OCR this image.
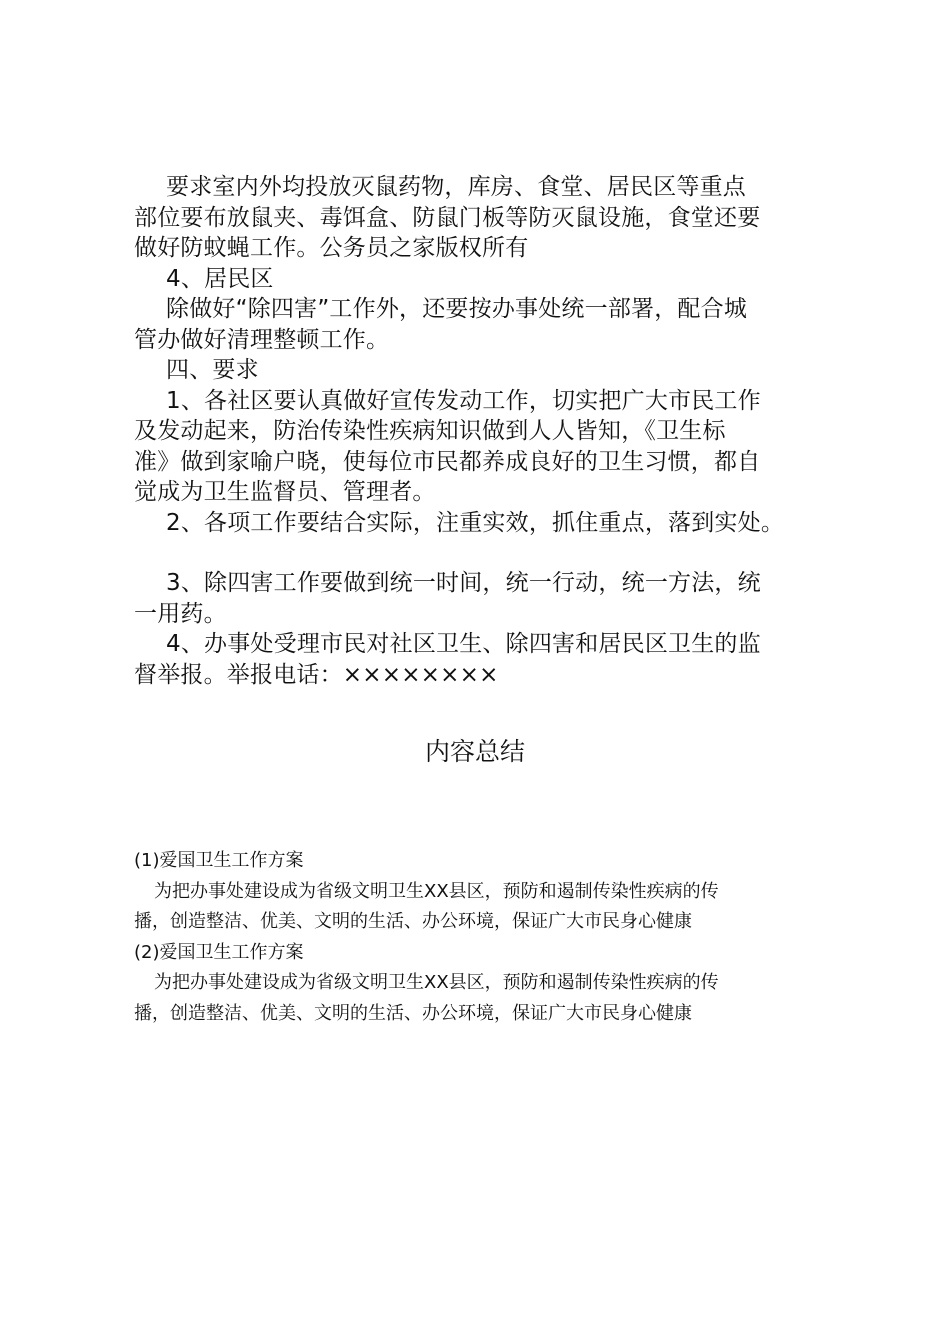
要求室内外均投放灭鼠药物，库房、食堂、居民区等重点

部位要布放鼠夹、毒饵盒、防鼠门板等防灭鼠设施，食堂还要

做好防蚊蝇工作。公务员之家版权所有

4、居民区

除做好“除四害”工作外，还要按办事处统一部署，配合城

管办做好清理整顿工作。

四、要求

1、各社区要认真做好宣传发动工作，切实把广大市民工作

及发动起来，防治传染性疾病知识做到人人皆知，《卫生标

准》做到家喻户晓，使每位市民都养成良好的卫生习惯，都自

觉成为卫生监督员、管理者。

2、各项工作要结合实际，注重实效，抓住重点，落到实处。

3、除四害工作要做到统一时间，统一行动，统一方法，统

一用药。

4、办事处受理市民对社区卫生、除四害和居民区卫生的监

督举报。举报电话：××××××××

内容总结

(1)爱国卫生工作方案

为把办事处建设成为省级文明卫生XX县区，预防和遏制传染性疾病的传

播，创造整洁、优美、文明的生活、办公环境，保证广大市民身心健康

(2)爱国卫生工作方案

为把办事处建设成为省级文明卫生XX县区，预防和遏制传染性疾病的传

播，创造整洁、优美、文明的生活、办公环境，保证广大市民身心健康
